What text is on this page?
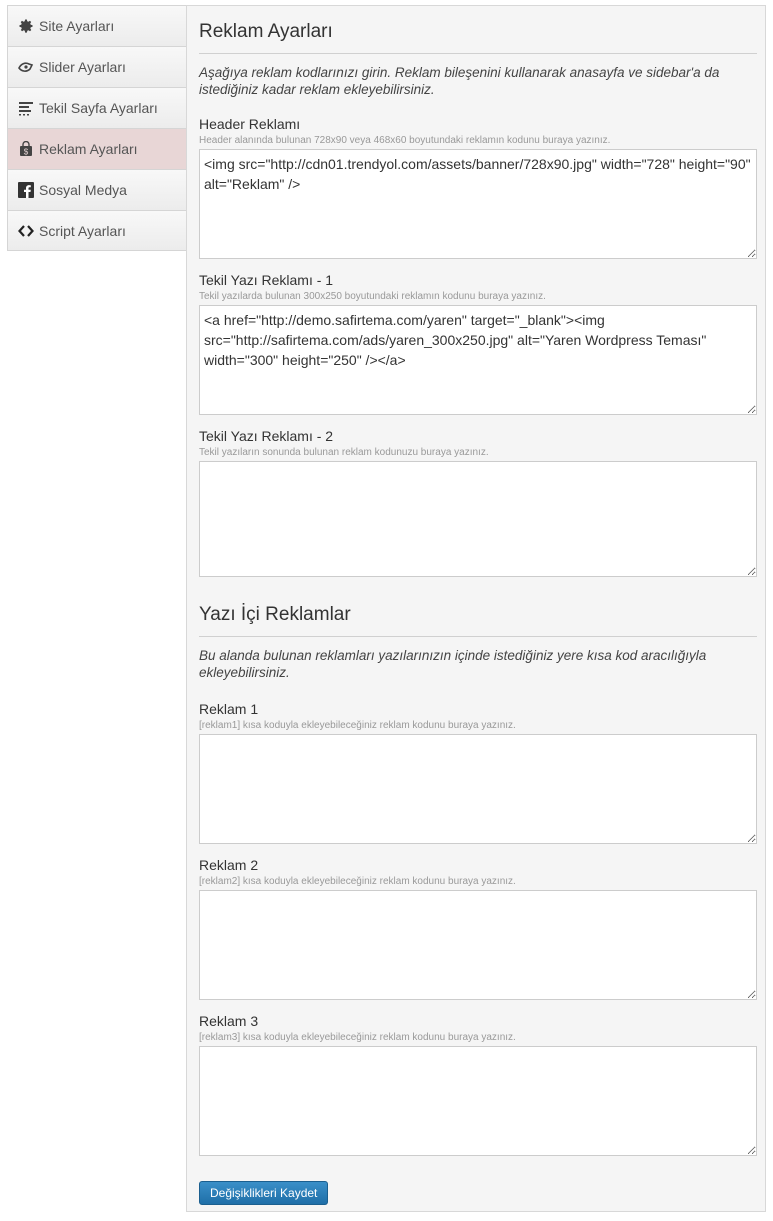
Site Ayarları
Slider Ayarları
Tekil Sayfa Ayarları
$ Reklam Ayarları
Sosyal Medya
Script Ayarları
Reklam Ayarları

Aşağıya reklam kodlarınızı girin. Reklam bileşenini kullanarak anasayfa ve sidebar'a da istediğiniz kadar reklam ekleyebilirsiniz.

Header Reklamı
Header alanında bulunan 728x90 veya 468x60 boyutundaki reklamın kodunu buraya yazınız.
<img src="http://cdn01.trendyol.com/assets/banner/728x90.jpg" width="728" height="90" alt="Reklam" />
Tekil Yazı Reklamı - 1
Tekil yazılarda bulunan 300x250 boyutundaki reklamın kodunu buraya yazınız.
<a href="http://demo.safirtema.com/yaren" target="_blank"><img src="http://safirtema.com/ads/yaren_300x250.jpg" alt="Yaren Wordpress Teması" width="300" height="250" /></a>
Tekil Yazı Reklamı - 2
Tekil yazıların sonunda bulunan reklam kodunuzu buraya yazınız.
Yazı İçi Reklamlar

Bu alanda bulunan reklamları yazılarınızın içinde istediğiniz yere kısa kod aracılığıyla ekleyebilirsiniz.

Reklam 1
[reklam1] kısa koduyla ekleyebileceğiniz reklam kodunu buraya yazınız.
Reklam 2
[reklam2] kısa koduyla ekleyebileceğiniz reklam kodunu buraya yazınız.
Reklam 3
[reklam3] kısa koduyla ekleyebileceğiniz reklam kodunu buraya yazınız.
Değişiklikleri Kaydet
